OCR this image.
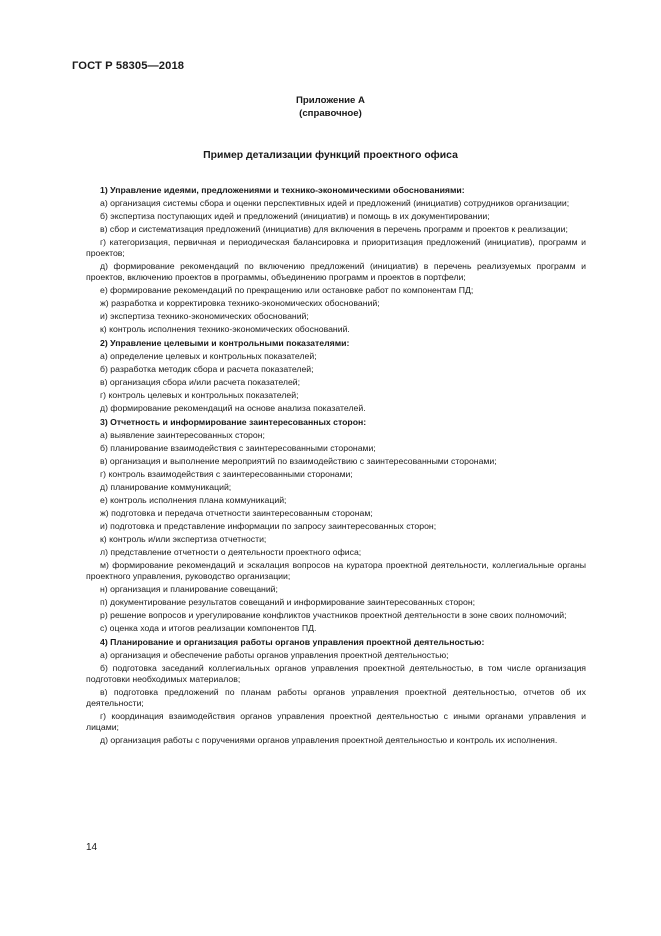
ГОСТ Р 58305—2018
Приложение А
(справочное)
Пример детализации функций проектного офиса
1) Управление идеями, предложениями и технико-экономическими обоснованиями:
а) организация системы сбора и оценки перспективных идей и предложений (инициатив) сотрудников организации;
б) экспертиза поступающих идей и предложений (инициатив) и помощь в их документировании;
в) сбор и систематизация предложений (инициатив) для включения в перечень программ и проектов к реализации;
г) категоризация, первичная и периодическая балансировка и приоритизация предложений (инициатив), программ и проектов;
д) формирование рекомендаций по включению предложений (инициатив) в перечень реализуемых программ и проектов, включению проектов в программы, объединению программ и проектов в портфели;
е) формирование рекомендаций по прекращению или остановке работ по компонентам ПД;
ж) разработка и корректировка технико-экономических обоснований;
и) экспертиза технико-экономических обоснований;
к) контроль исполнения технико-экономических обоснований.
2) Управление целевыми и контрольными показателями:
а) определение целевых и контрольных показателей;
б) разработка методик сбора и расчета показателей;
в) организация сбора и/или расчета показателей;
г) контроль целевых и контрольных показателей;
д) формирование рекомендаций на основе анализа показателей.
3) Отчетность и информирование заинтересованных сторон:
а) выявление заинтересованных сторон;
б) планирование взаимодействия с заинтересованными сторонами;
в) организация и выполнение мероприятий по взаимодействию с заинтересованными сторонами;
г) контроль взаимодействия с заинтересованными сторонами;
д) планирование коммуникаций;
е) контроль исполнения плана коммуникаций;
ж) подготовка и передача отчетности заинтересованным сторонам;
и) подготовка и представление информации по запросу заинтересованных сторон;
к) контроль и/или экспертиза отчетности;
л) представление отчетности о деятельности проектного офиса;
м) формирование рекомендаций и эскалация вопросов на куратора проектной деятельности, коллегиальные органы проектного управления, руководство организации;
н) организация и планирование совещаний;
п) документирование результатов совещаний и информирование заинтересованных сторон;
р) решение вопросов и урегулирование конфликтов участников проектной деятельности в зоне своих полномочий;
с) оценка хода и итогов реализации компонентов ПД.
4) Планирование и организация работы органов управления проектной деятельностью:
а) организация и обеспечение работы органов управления проектной деятельностью;
б) подготовка заседаний коллегиальных органов управления проектной деятельностью, в том числе организация подготовки необходимых материалов;
в) подготовка предложений по планам работы органов управления проектной деятельностью, отчетов об их деятельности;
г) координация взаимодействия органов управления проектной деятельностью с иными органами управления и лицами;
д) организация работы с поручениями органов управления проектной деятельностью и контроль их исполнения.
14
